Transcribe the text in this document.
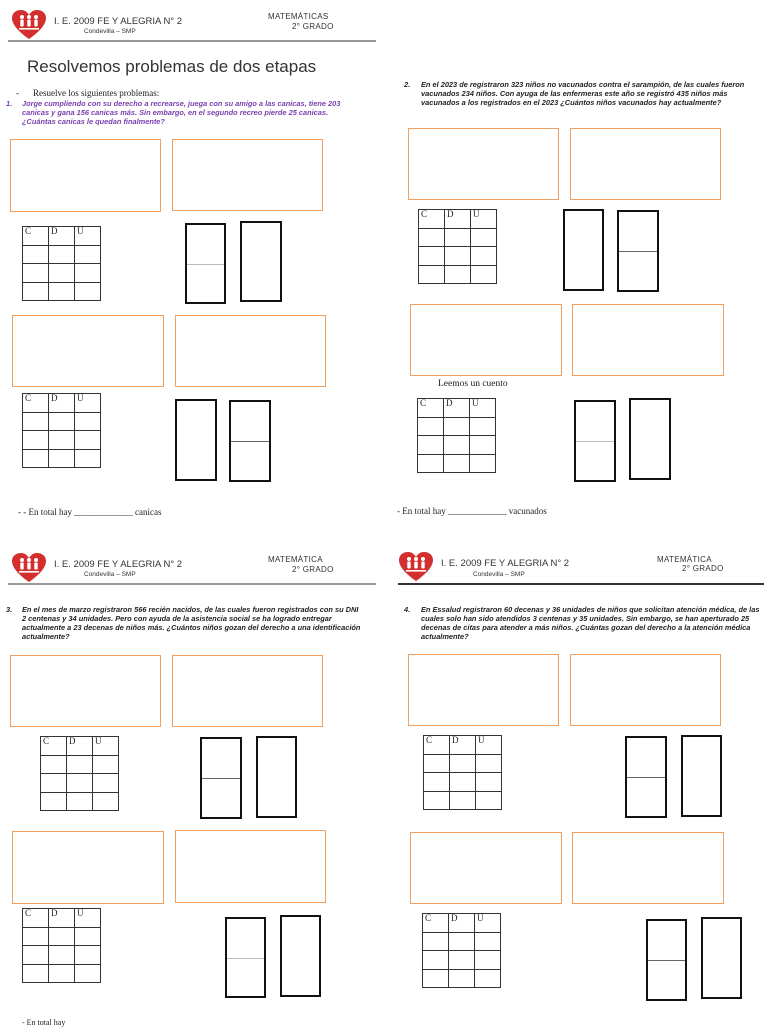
I. E. 2009 FE Y ALEGRIA N° 2
Condevilla – SMP
MATEMÁTICAS
2° GRADO
Resolvemos problemas de dos etapas
- Resuelve los siguientes problemas:
1. Jorge cumpliendo con su derecho a recrearse, juega con su amigo a las canicas, tiene 203 canicas y gana 156 canicas más. Sin embargo, en el segundo recreo pierde 25 canicas. ¿Cuántas canicas le quedan finalmente?
C	D	U

C	D	U

- - En total hay _____________ canicas
2. En el 2023 de registraron 323 niños no vacunados contra el sarampión, de las cuales fueron vacunados 234 niños. Con ayuga de las enfermeras este año se registró 435 niños más vacunados a los registrados en el 2023 ¿Cuántos niños vacunados hay actualmente?
C	D	U

Leemos un cuento
C	D	U

- En total hay _____________ vacunados
I. E. 2009 FE Y ALEGRIA N° 2
Condevilla – SMP
MATEMÁTICA
2° GRADO
I. E. 2009 FE Y ALEGRIA N° 2
Condevilla – SMP
MATEMÁTICA
2° GRADO
3. En el mes de marzo registraron 566 recién nacidos, de las cuales fueron registrados con su DNI 2 centenas y 34 unidades. Pero con ayuda de la asistencia social se ha logrado entregar actualmente a 23 decenas de niños más. ¿Cuántos niños gozan del derecho a una identificación actualmente?
C	D	U

C	D	U

- En total hay
4. En Essalud registraron 60 decenas y 36 unidades de niños que solicitan atención médica, de las cuales solo han sido atendidos 3 centenas y 35 unidades. Sin embargo, se han aperturado 25 decenas de citas para atender a más niños. ¿Cuántas gozan del derecho a la atención médica actualmente?
C	D	U

C	D	U
